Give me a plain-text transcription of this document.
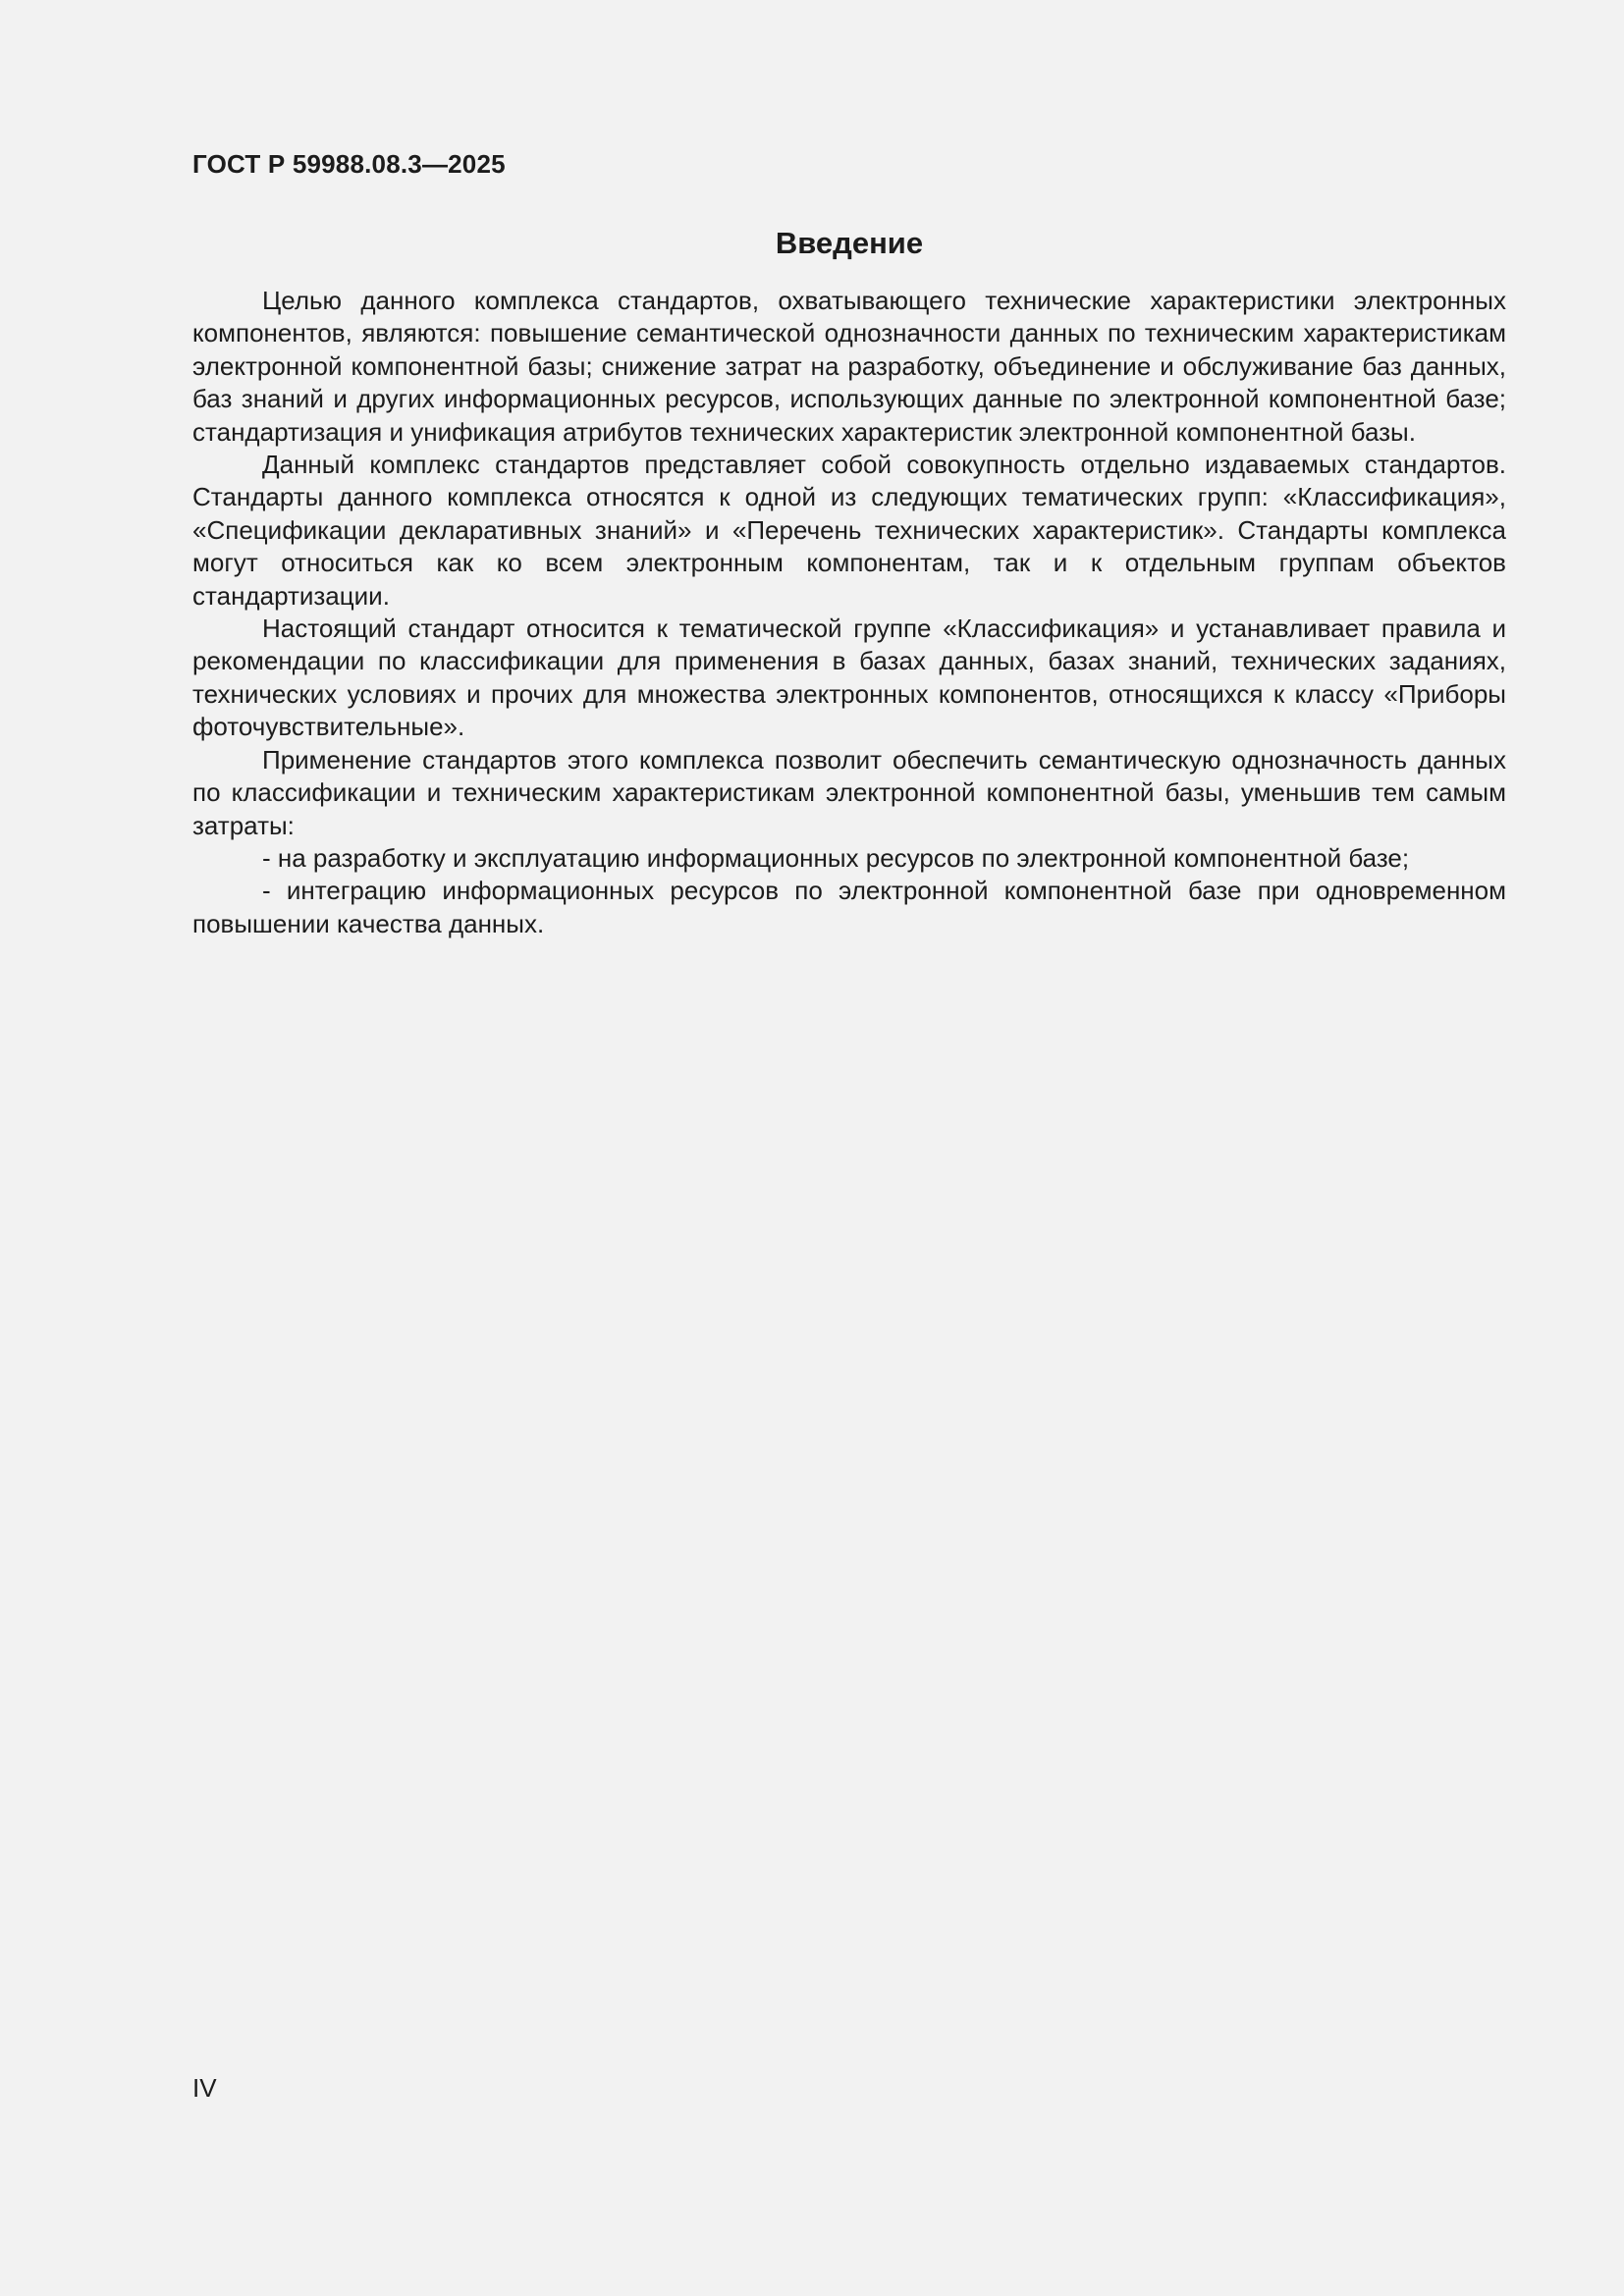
ГОСТ Р 59988.08.3—2025
Введение

Целью данного комплекса стандартов, охватывающего технические характеристики электронных компонентов, являются: повышение семантической однозначности данных по техническим характеристикам электронной компонентной базы; снижение затрат на разработку, объединение и обслуживание баз данных, баз знаний и других информационных ресурсов, использующих данные по электронной компонентной базе; стандартизация и унификация атрибутов технических характеристик электронной компонентной базы.

Данный комплекс стандартов представляет собой совокупность отдельно издаваемых стандартов. Стандарты данного комплекса относятся к одной из следующих тематических групп: «Классификация», «Спецификации декларативных знаний» и «Перечень технических характеристик». Стандарты комплекса могут относиться как ко всем электронным компонентам, так и к отдельным группам объектов стандартизации.

Настоящий стандарт относится к тематической группе «Классификация» и устанавливает правила и рекомендации по классификации для применения в базах данных, базах знаний, технических заданиях, технических условиях и прочих для множества электронных компонентов, относящихся к классу «Приборы фоточувствительные».

Применение стандартов этого комплекса позволит обеспечить семантическую однозначность данных по классификации и техническим характеристикам электронной компонентной базы, уменьшив тем самым затраты:

- на разработку и эксплуатацию информационных ресурсов по электронной компонентной базе;

- интеграцию информационных ресурсов по электронной компонентной базе при одновременном повышении качества данных.

IV
